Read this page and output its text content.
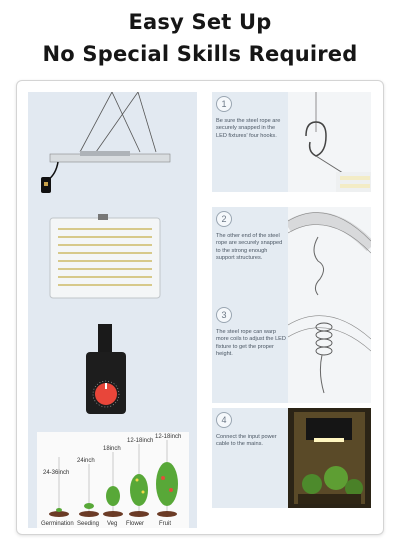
Easy Set Up
No Special Skills Required
24-36inch
24inch
18inch
12-18inch
12-18inch
Germination Seeding Veg Flower Fruit
1
Be sure the steel rope are securely snapped in the LED fixtures' four hooks.
2
The other end of the steel rope are securely snapped to the strong enough support structures.
3
The steel rope can warp more coils to adjust the LED fixture to get the proper height.
4
Connect the input power cable to the mains.
